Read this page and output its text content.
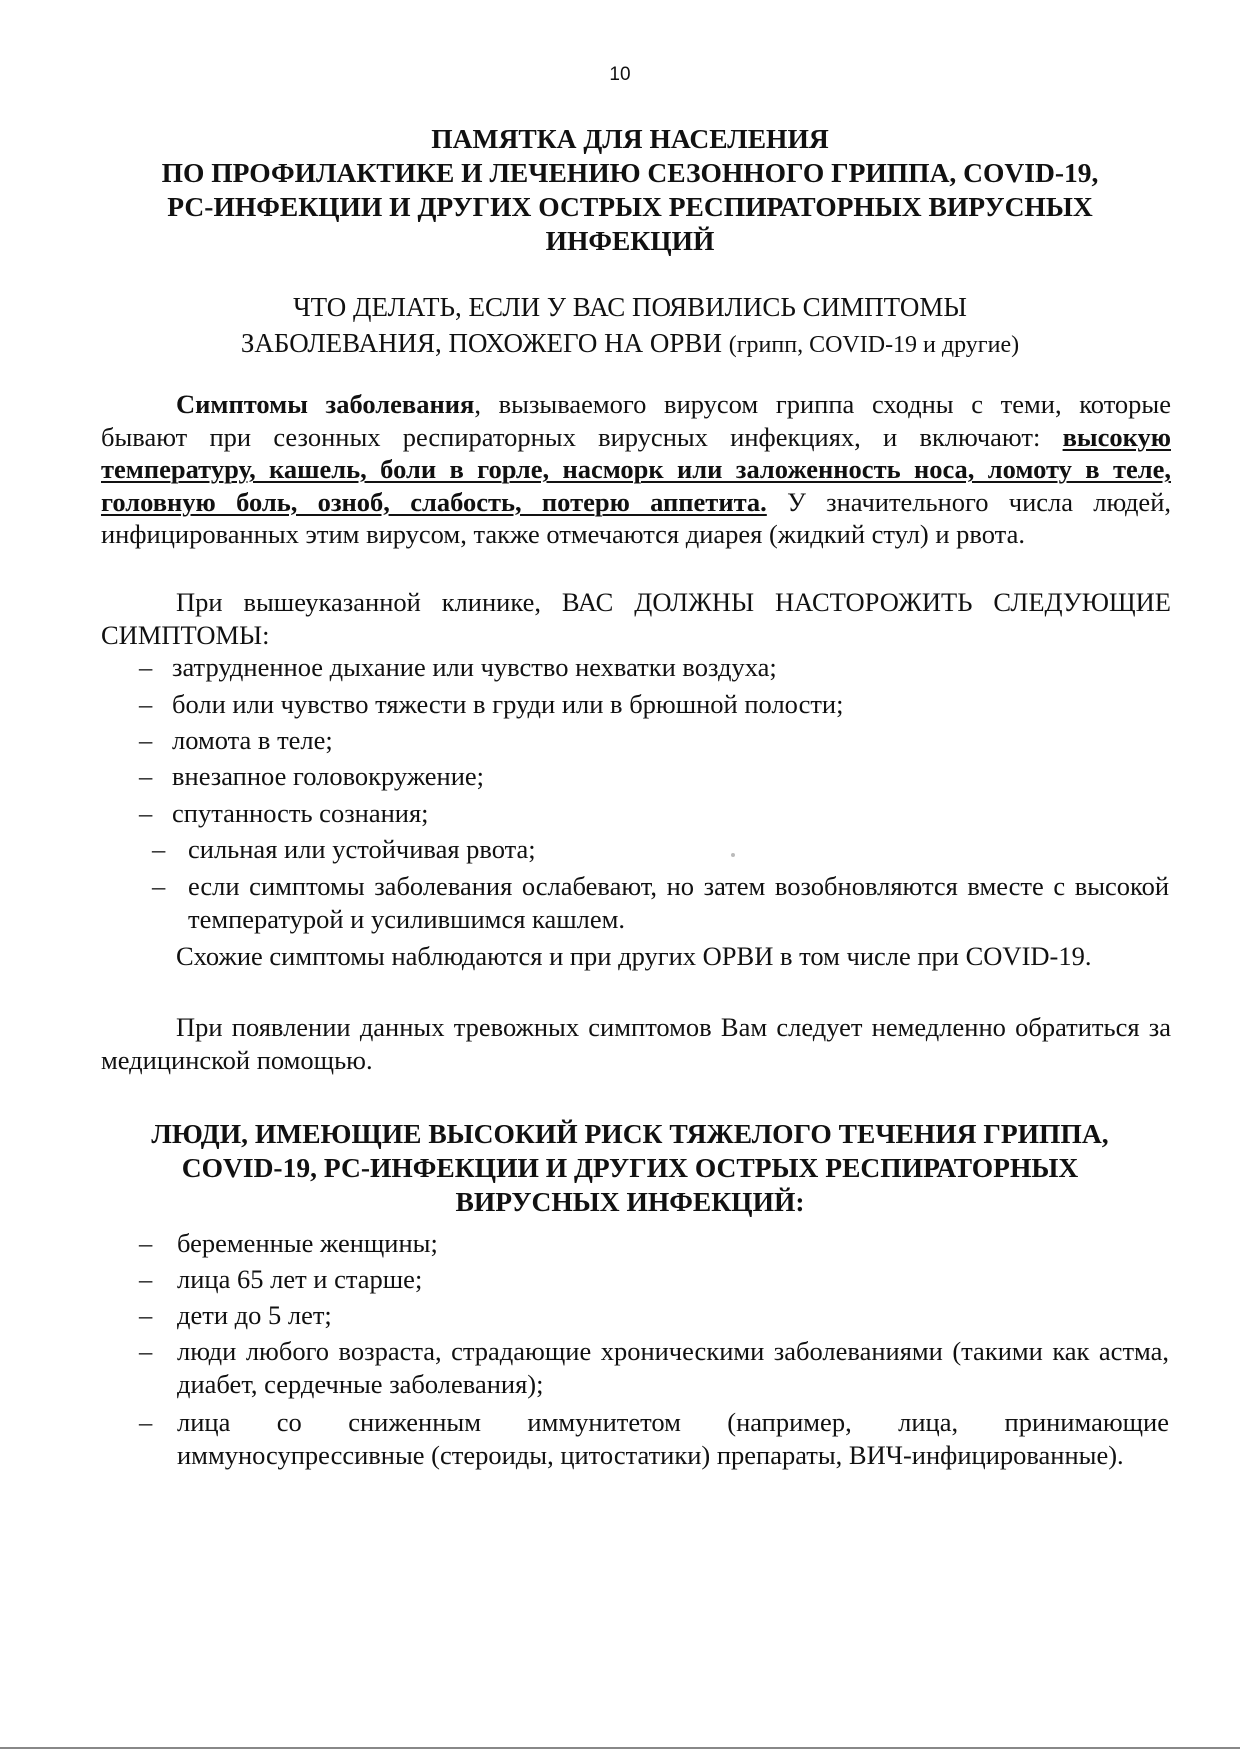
10
ПАМЯТКА ДЛЯ НАСЕЛЕНИЯ
ПО ПРОФИЛАКТИКЕ И ЛЕЧЕНИЮ СЕЗОННОГО ГРИППА, COVID-19,
РС-ИНФЕКЦИИ И ДРУГИХ ОСТРЫХ РЕСПИРАТОРНЫХ ВИРУСНЫХ
ИНФЕКЦИЙ
ЧТО ДЕЛАТЬ, ЕСЛИ У ВАС ПОЯВИЛИСЬ СИМПТОМЫ
ЗАБОЛЕВАНИЯ, ПОХОЖЕГО НА ОРВИ (грипп, COVID-19 и другие)
Симптомы заболевания, вызываемого вирусом гриппа сходны с теми, которые бывают при сезонных респираторных вирусных инфекциях, и включают: высокую температуру, кашель, боли в горле, насморк или заложенность носа, ломоту в теле, головную боль, озноб, слабость, потерю аппетита. У значительного числа людей, инфицированных этим вирусом, также отмечаются диарея (жидкий стул) и рвота.
При вышеуказанной клинике, ВАС ДОЛЖНЫ НАСТОРОЖИТЬ СЛЕДУЮЩИЕ СИМПТОМЫ:
– затрудненное дыхание или чувство нехватки воздуха;
– боли или чувство тяжести в груди или в брюшной полости;
– ломота в теле;
– внезапное головокружение;
– спутанность сознания;
– сильная или устойчивая рвота;
– если симптомы заболевания ослабевают, но затем возобновляются вместе с высокой температурой и усилившимся кашлем.
Схожие симптомы наблюдаются и при других ОРВИ в том числе при COVID-19.
При появлении данных тревожных симптомов Вам следует немедленно обратиться за медицинской помощью.
ЛЮДИ, ИМЕЮЩИЕ ВЫСОКИЙ РИСК ТЯЖЕЛОГО ТЕЧЕНИЯ ГРИППА,
COVID-19, РС-ИНФЕКЦИИ И ДРУГИХ ОСТРЫХ РЕСПИРАТОРНЫХ
ВИРУСНЫХ ИНФЕКЦИЙ:
– беременные женщины;
– лица 65 лет и старше;
– дети до 5 лет;
– люди любого возраста, страдающие хроническими заболеваниями (такими как астма, диабет, сердечные заболевания);
– лица со сниженным иммунитетом (например, лица, принимающие иммуносупрессивные (стероиды, цитостатики) препараты, ВИЧ-инфицированные).
